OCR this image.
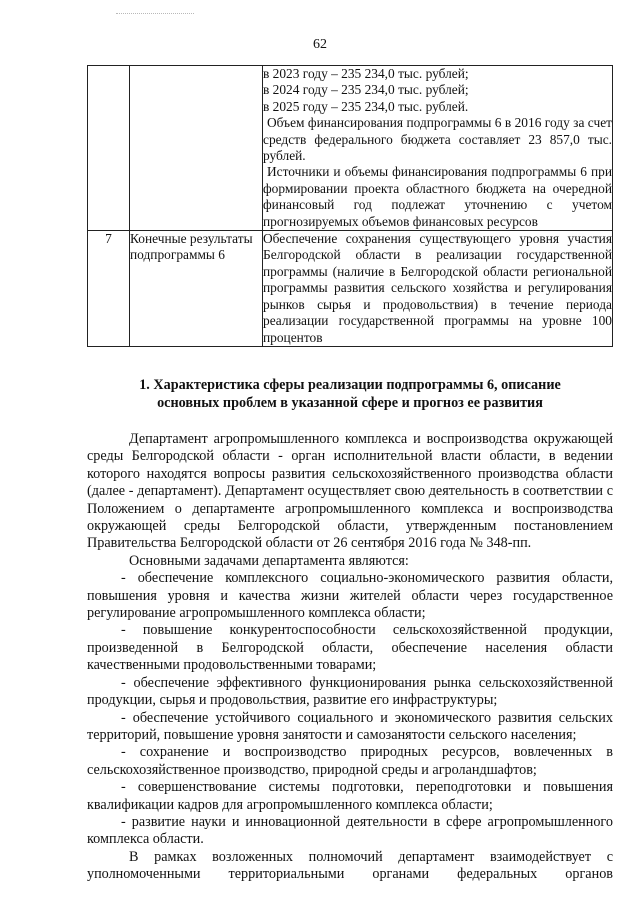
62

		в 2023 году – 235 234,0 тыс. рублей;
в 2024 году – 235 234,0 тыс. рублей;
в 2025 году – 235 234,0 тыс. рублей.
Объем финансирования подпрограммы 6 в 2016 году за счет средств федерального бюджета составляет 23 857,0 тыс. рублей.
Источники и объемы финансирования подпрограммы 6 при формировании проекта областного бюджета на очередной финансовый год подлежат уточнению с учетом прогнозируемых объемов финансовых ресурсов

7	Конечные результаты подпрограммы 6	Обеспечение сохранения существующего уровня участия Белгородской области в реализации государственной программы (наличие в Белгородской области региональной программы развития сельского хозяйства и регулирования рынков сырья и продовольствия) в течение периода реализации государственной программы на уровне 100 процентов
1. Характеристика сферы реализации подпрограммы 6, описание
основных проблем в указанной сфере и прогноз ее развития

Департамент агропромышленного комплекса и воспроизводства окружающей среды Белгородской области - орган исполнительной власти области, в ведении которого находятся вопросы развития сельскохозяйственного производства области (далее - департамент). Департамент осуществляет свою деятельность в соответствии с Положением о департаменте агропромышленного комплекса и воспроизводства окружающей среды Белгородской области, утвержденным постановлением Правительства Белгородской области от 26 сентября 2016 года № 348-пп.

Основными задачами департамента являются:

- обеспечение комплексного социально-экономического развития области, повышения уровня и качества жизни жителей области через государственное регулирование агропромышленного комплекса области;

- повышение конкурентоспособности сельскохозяйственной продукции, произведенной в Белгородской области, обеспечение населения области качественными продовольственными товарами;

- обеспечение эффективного функционирования рынка сельскохозяйственной продукции, сырья и продовольствия, развитие его инфраструктуры;

- обеспечение устойчивого социального и экономического развития сельских территорий, повышение уровня занятости и самозанятости сельского населения;

- сохранение и воспроизводство природных ресурсов, вовлеченных в сельскохозяйственное производство, природной среды и агроландшафтов;

- совершенствование системы подготовки, переподготовки и повышения квалификации кадров для агропромышленного комплекса области;

- развитие науки и инновационной деятельности в сфере агропромышленного комплекса области.

В рамках возложенных полномочий департамент взаимодействует с уполномоченными территориальными органами федеральных органов
